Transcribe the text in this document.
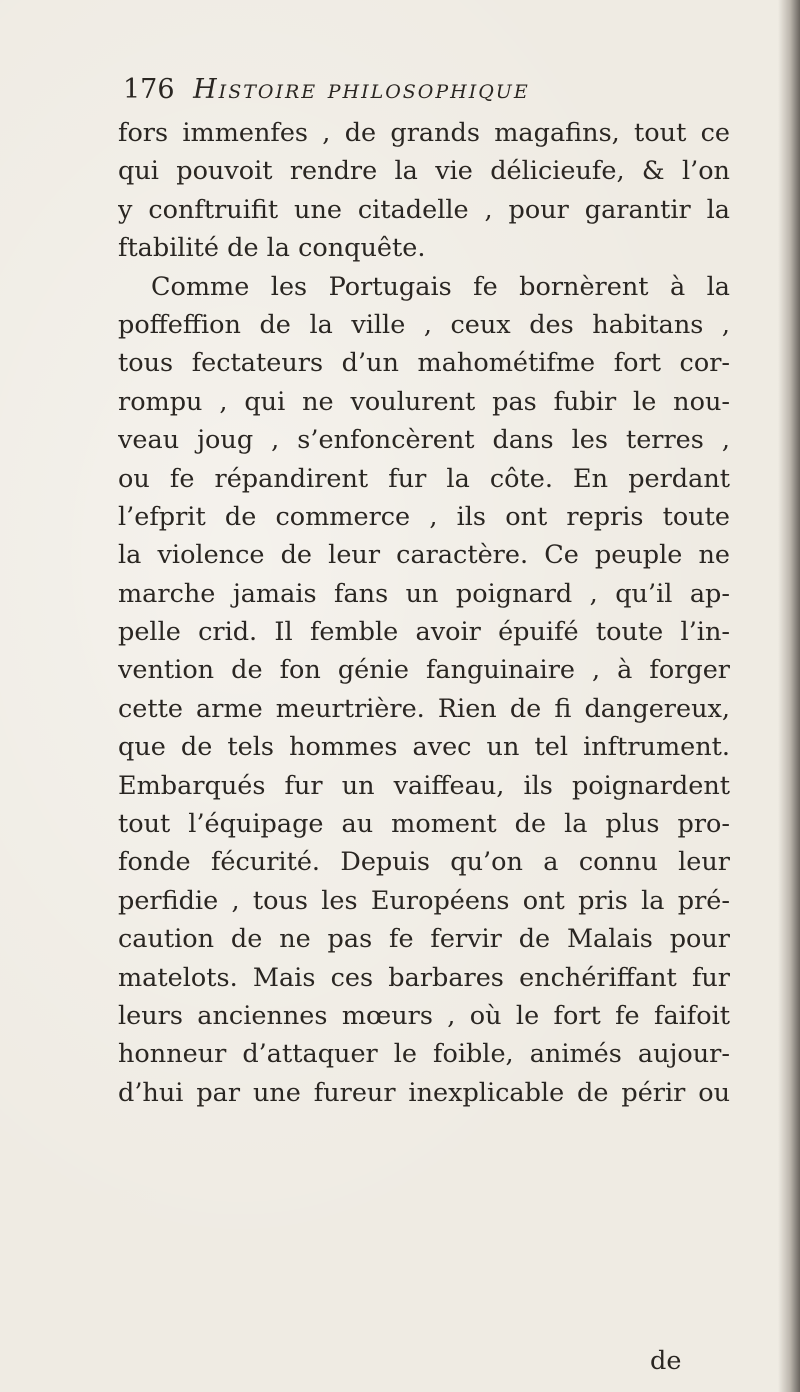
176 Histoire philosophique
fors immenfes , de grands magafins, tout ce
qui pouvoit rendre la vie délicieufe, & l’on
y conftruifit une citadelle , pour garantir la
ftabilité de la conquête.
Comme les Portugais fe bornèrent à la
poffeffion de la ville , ceux des habitans ,
tous fectateurs d’un mahométifme fort cor-
rompu , qui ne voulurent pas fubir le nou-
veau joug , s’enfoncèrent dans les terres ,
ou fe répandirent fur la côte. En perdant
l’efprit de commerce , ils ont repris toute
la violence de leur caractère. Ce peuple ne
marche jamais fans un poignard , qu’il ap-
pelle crid. Il femble avoir épuifé toute l’in-
vention de fon génie fanguinaire , à forger
cette arme meurtrière. Rien de fi dangereux,
que de tels hommes avec un tel inftrument.
Embarqués fur un vaiffeau, ils poignardent
tout l’équipage au moment de la plus pro-
fonde fécurité. Depuis qu’on a connu leur
perfidie , tous les Européens ont pris la pré-
caution de ne pas fe fervir de Malais pour
matelots. Mais ces barbares enchériffant fur
leurs anciennes mœurs , où le fort fe faifoit
honneur d’attaquer le foible, animés aujour-
d’hui par une fureur inexplicable de périr ou
de
